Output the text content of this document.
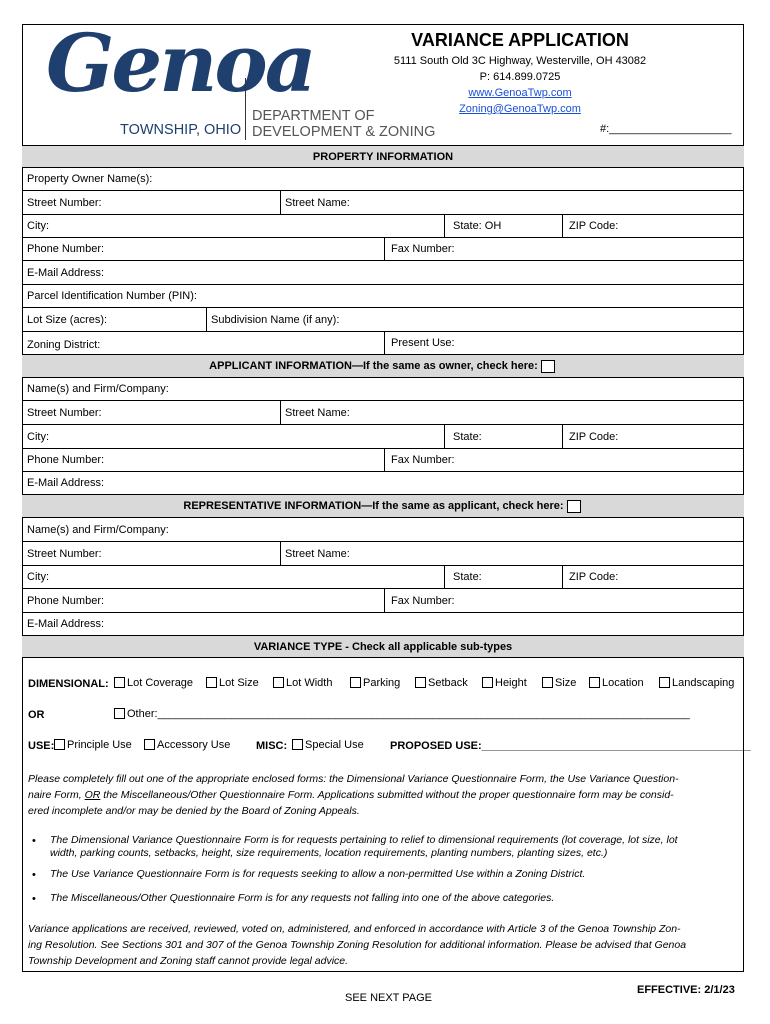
Genoa
TOWNSHIP, OHIO
DEPARTMENT OF
DEVELOPMENT & ZONING
VARIANCE APPLICATION
5111 South Old 3C Highway, Westerville, OH 43082
P: 614.899.0725
www.GenoaTwp.com
Zoning@GenoaTwp.com
#:____________________
PROPERTY INFORMATION
Property Owner Name(s):
Street Number:	Street Name:
City:	State: OH	ZIP Code:
Phone Number:	Fax Number:
E-Mail Address:
Parcel Identification Number (PIN):
Lot Size (acres):	Subdivision Name (if any):
Zoning District:	Present Use:
APPLICANT INFORMATION—If the same as owner, check here:
Name(s) and Firm/Company:
Street Number:	Street Name:
City:	State:	ZIP Code:
Phone Number:	Fax Number:
E-Mail Address:
REPRESENTATIVE INFORMATION—If the same as applicant, check here:
Name(s) and Firm/Company:
Street Number:	Street Name:
City:	State:	ZIP Code:
Phone Number:	Fax Number:
E-Mail Address:
VARIANCE TYPE - Check all applicable sub-types
DIMENSIONAL:	Lot Coverage	Lot Size	Lot Width	Parking	Setback	Height	Size	Location	Landscaping
OR	Other:_______________________________________________________________________________________
USE:	Principle Use	Accessory Use MISC:	Special Use PROPOSED USE:____________________________________________
Please completely fill out one of the appropriate enclosed forms: the Dimensional Variance Questionnaire Form, the Use Variance Question-
naire Form, OR the Miscellaneous/Other Questionnaire Form. Applications submitted without the proper questionnaire form may be consid-
ered incomplete and/or may be denied by the Board of Zoning Appeals.
• The Dimensional Variance Questionnaire Form is for requests pertaining to relief to dimensional requirements (lot coverage, lot size, lot
width, parking counts, setbacks, height, size requirements, location requirements, planting numbers, planting sizes, etc.)
• The Use Variance Questionnaire Form is for requests seeking to allow a non-permitted Use within a Zoning District.
• The Miscellaneous/Other Questionnaire Form is for any requests not falling into one of the above categories.
Variance applications are received, reviewed, voted on, administered, and enforced in accordance with Article 3 of the Genoa Township Zon-
ing Resolution. See Sections 301 and 307 of the Genoa Township Zoning Resolution for additional information. Please be advised that Genoa
Township Development and Zoning staff cannot provide legal advice.
SEE NEXT PAGE
EFFECTIVE: 2/1/23
